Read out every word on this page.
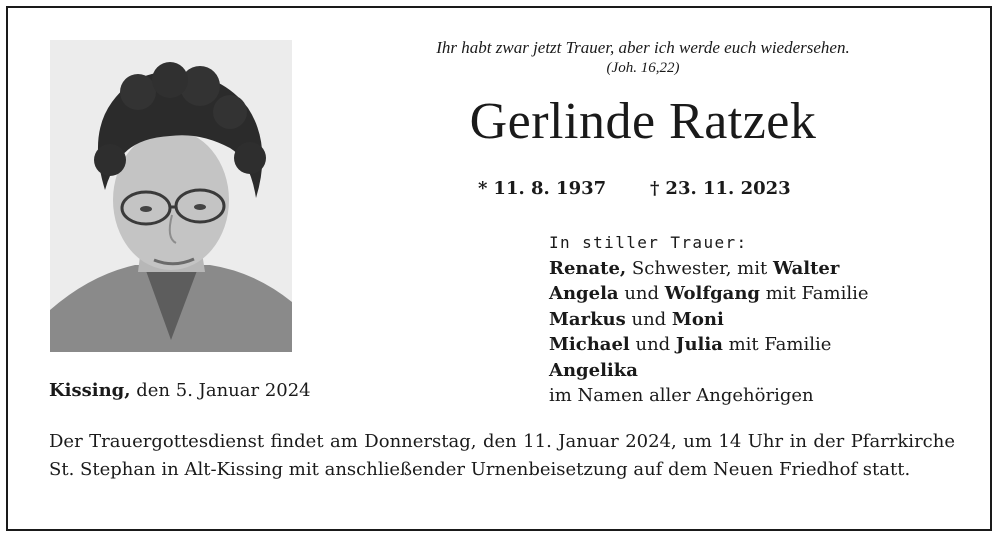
Ihr habt zwar jetzt Trauer, aber ich werde euch wiedersehen.
(Joh. 16,22)
Gerlinde Ratzek
* 11. 8. 1937 † 23. 11. 2023
In stiller Trauer:
Renate, Schwester, mit Walter
Angela und Wolfgang mit Familie
Markus und Moni
Michael und Julia mit Familie
Angelika
im Namen aller Angehörigen
Kissing, den 5. Januar 2024
Der Trauergottesdienst findet am Donnerstag, den 11. Januar 2024, um 14 Uhr in der Pfarrkirche St. Stephan in Alt-Kissing mit anschließender Urnenbeisetzung auf dem Neuen Friedhof statt.
